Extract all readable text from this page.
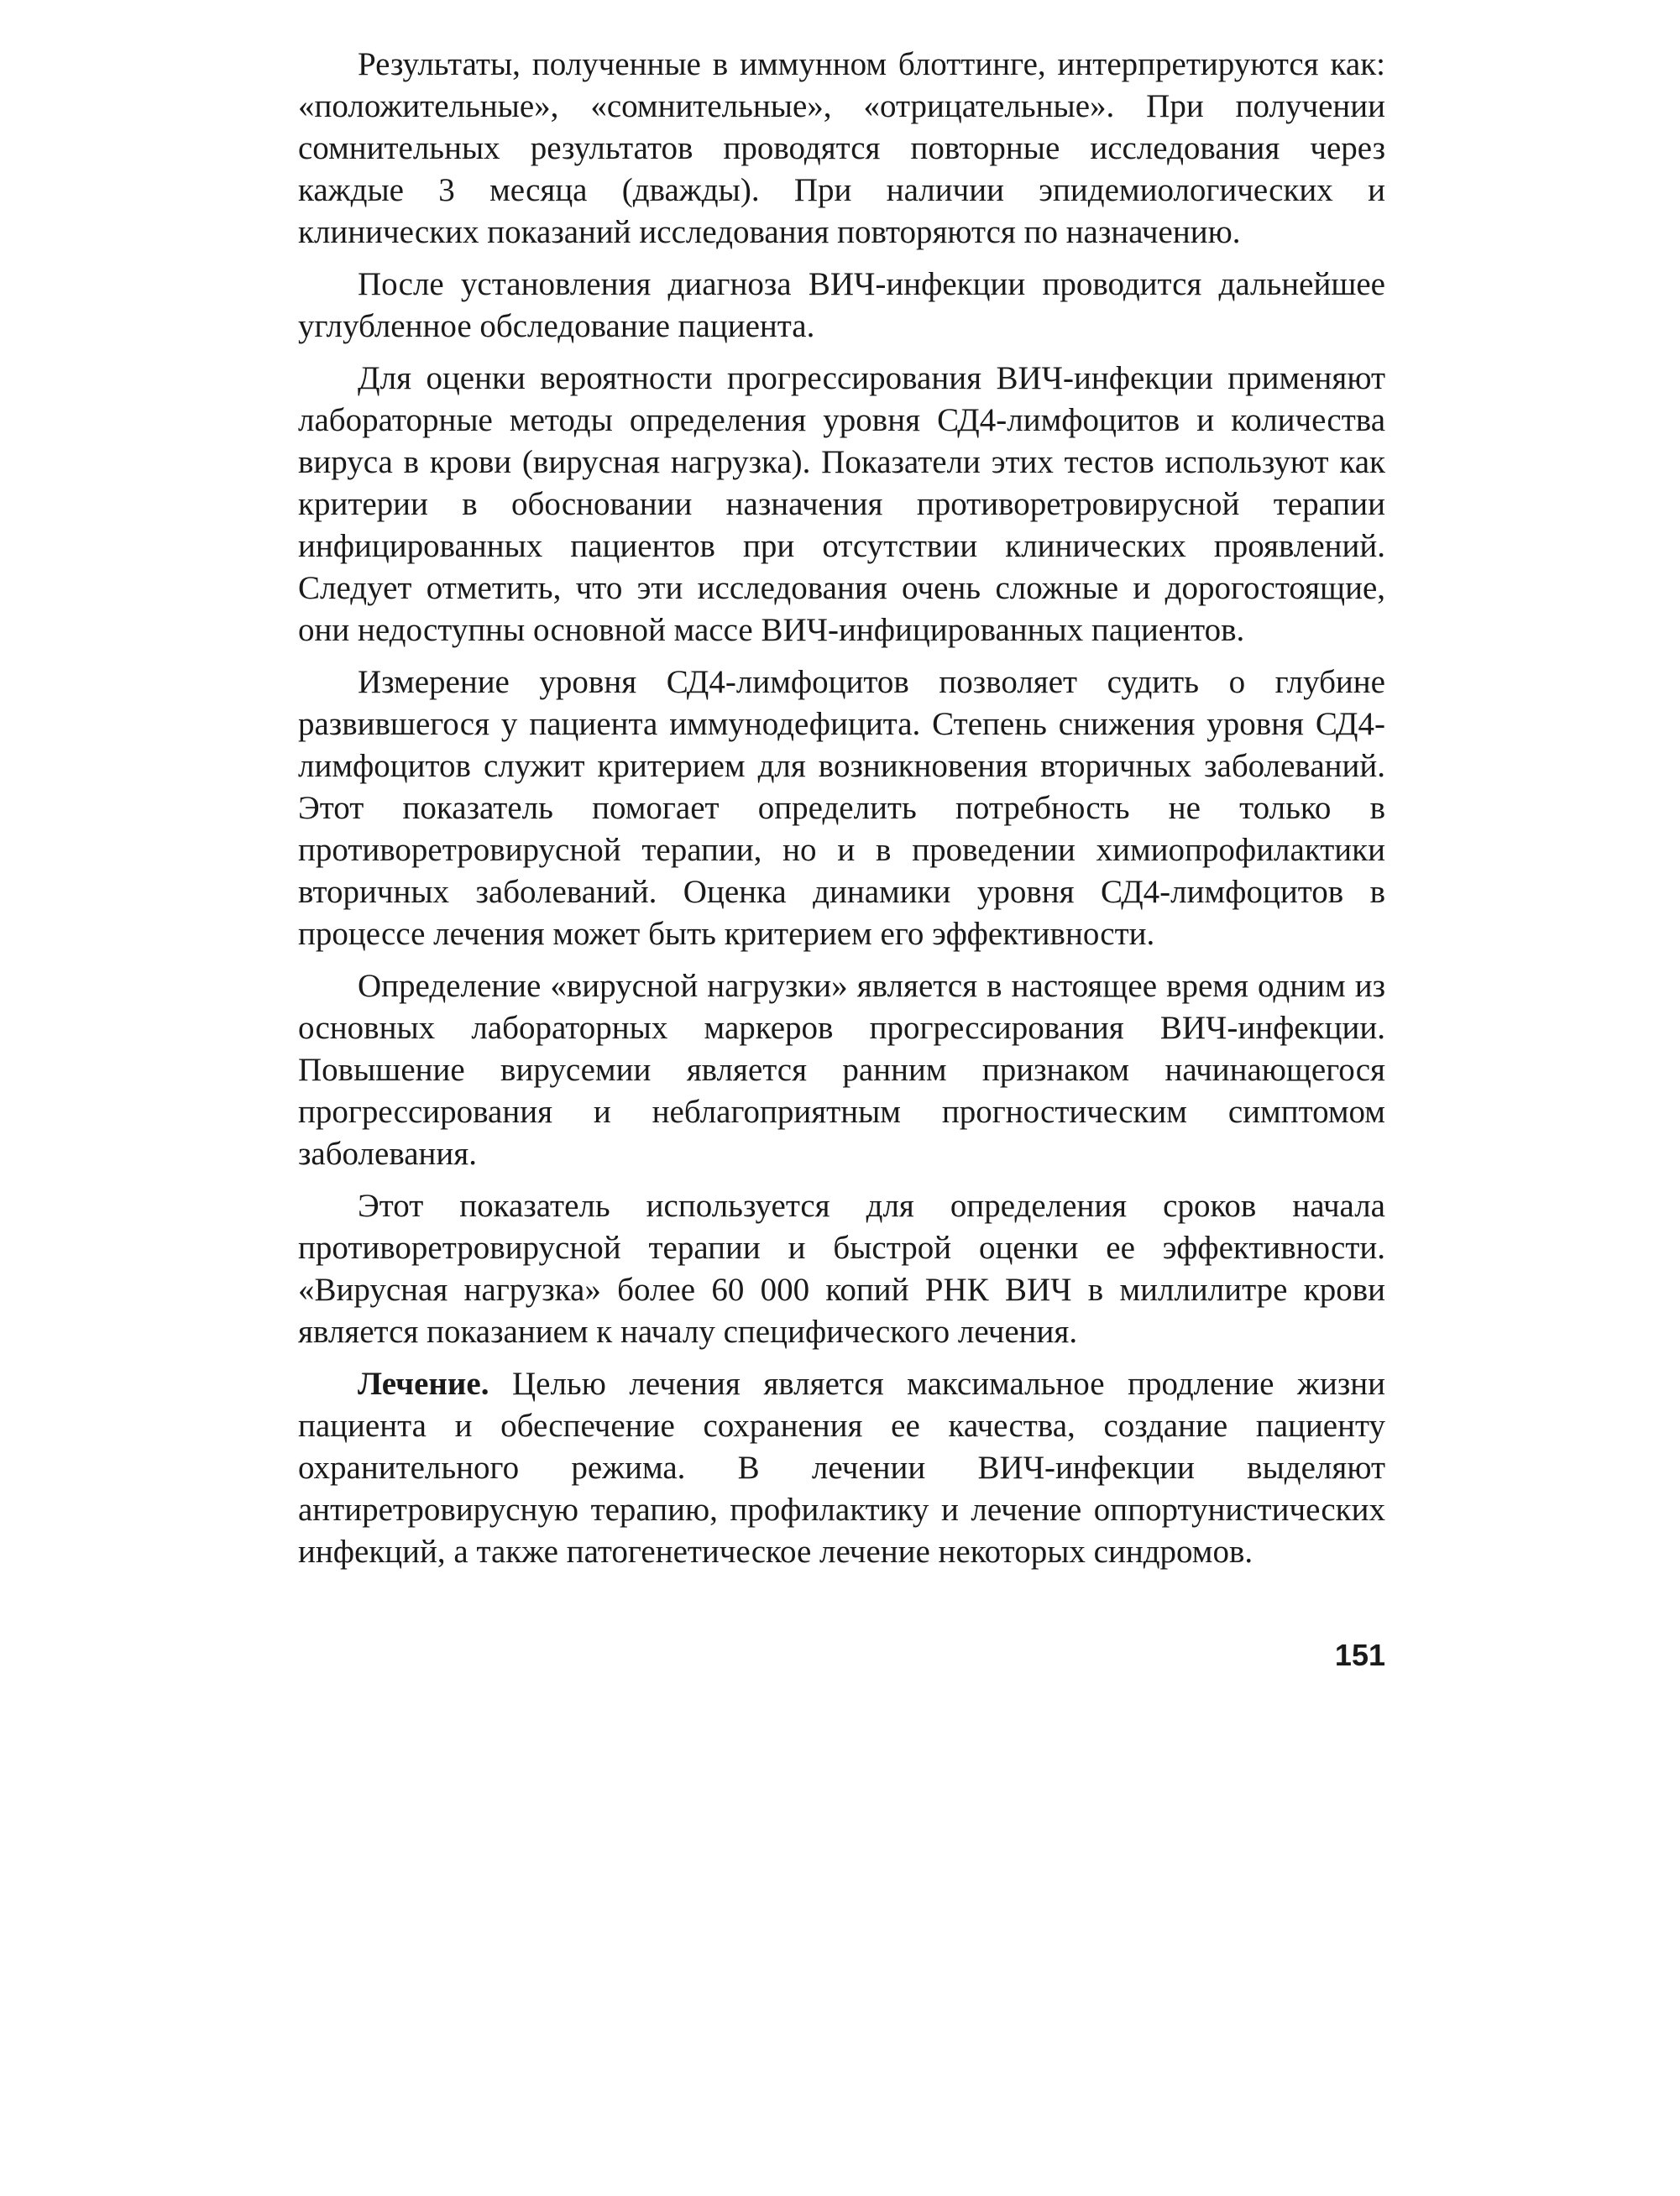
Результаты, полученные в иммунном блоттинге, интерпретируются как: «положительные», «сомнительные», «отрицательные». При получении сомнительных результатов проводятся повторные исследования через каждые 3 месяца (дважды). При наличии эпидемиологических и клинических показаний исследования повторяются по назначению.

После установления диагноза ВИЧ-инфекции проводится дальнейшее углубленное обследование пациента.

Для оценки вероятности прогрессирования ВИЧ-инфекции применяют лабораторные методы определения уровня СД4-лимфоцитов и количества вируса в крови (вирусная нагрузка). Показатели этих тестов используют как критерии в обосновании назначения противоретровирусной терапии инфицированных пациентов при отсутствии клинических проявлений. Следует отметить, что эти исследования очень сложные и дорогостоящие, они недоступны основной массе ВИЧ-инфицированных пациентов.

Измерение уровня СД4-лимфоцитов позволяет судить о глубине развившегося у пациента иммунодефицита. Степень снижения уровня СД4-лимфоцитов служит критерием для возникновения вторичных заболеваний. Этот показатель помогает определить потребность не только в противоретровирусной терапии, но и в проведении химиопрофилактики вторичных заболеваний. Оценка динамики уровня СД4-лимфоцитов в процессе лечения может быть критерием его эффективности.

Определение «вирусной нагрузки» является в настоящее время одним из основных лабораторных маркеров прогрессирования ВИЧ-инфекции. Повышение вирусемии является ранним признаком начинающегося прогрессирования и неблагоприятным прогностическим симптомом заболевания.

Этот показатель используется для определения сроков начала противоретровирусной терапии и быстрой оценки ее эффективности. «Вирусная нагрузка» более 60 000 копий РНК ВИЧ в миллилитре крови является показанием к началу специфического лечения.

Лечение. Целью лечения является максимальное продление жизни пациента и обеспечение сохранения ее качества, создание пациенту охранительного режима. В лечении ВИЧ-инфекции выделяют антиретровирусную терапию, профилактику и лечение оппортунистических инфекций, а также патогенетическое лечение некоторых синдромов.

151
